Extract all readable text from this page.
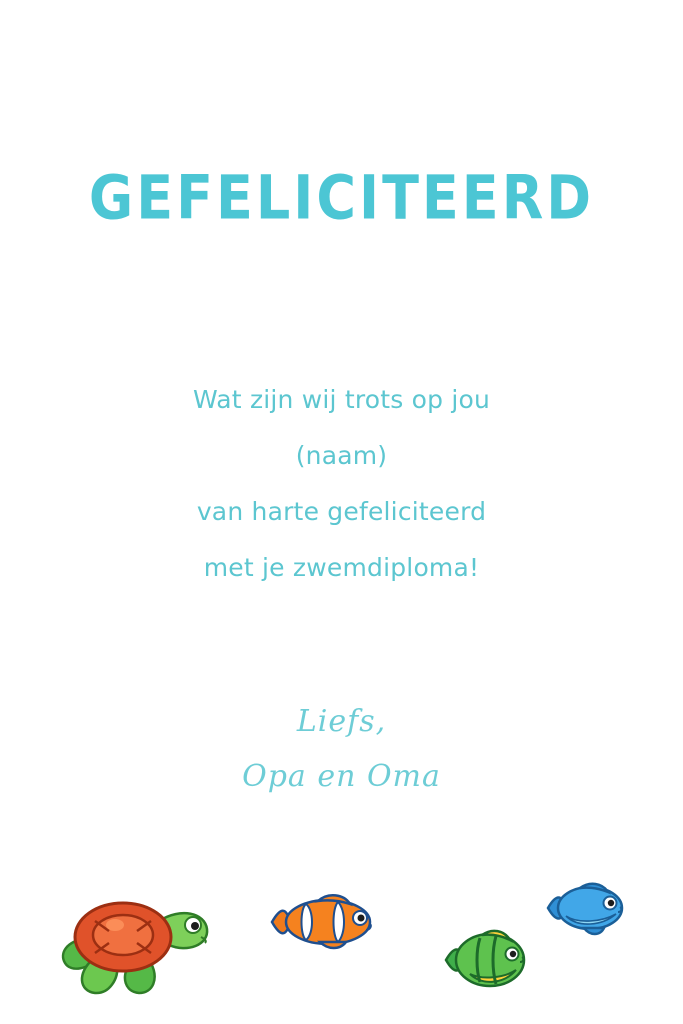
GEFELICITEERD
Wat zijn wij trots op jou
(naam)
van harte gefeliciteerd
met je zwemdiploma!
Liefs,
Opa en Oma
